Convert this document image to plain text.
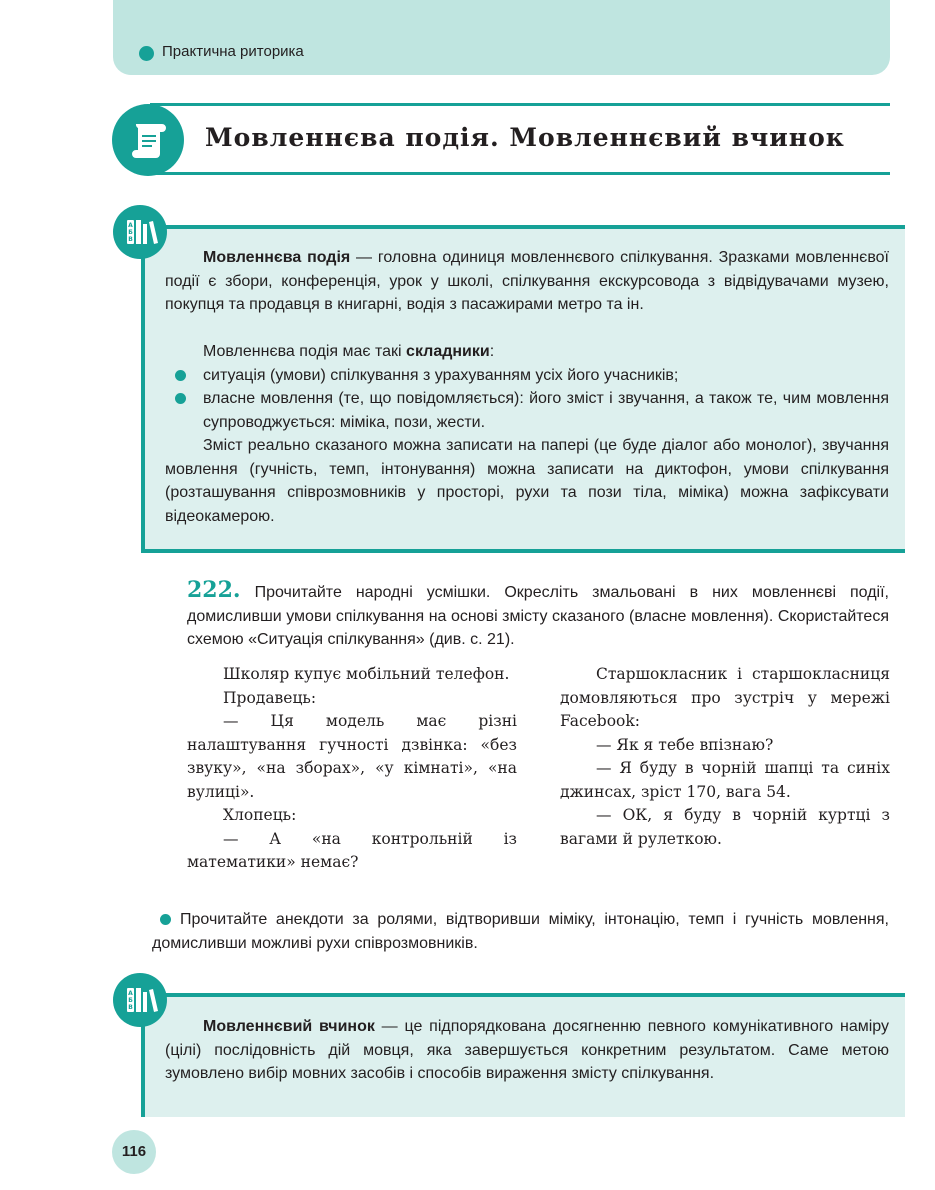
Практична риторика
Мовленнєва подія. Мовленнєвий вчинок
А
Б
В
Мовленнєва подія — головна одиниця мовленнєвого спілкування. Зразками мовленнєвої події є збори, конференція, урок у школі, спілкування екскурсовода з відвідувачами музею, покупця та продавця в книгарні, водія з пасажирами метро та ін.
Мовленнєва подія має такі складники:
ситуація (умови) спілкування з урахуванням усіх його учасників;
власне мовлення (те, що повідомляється): його зміст і звучання, а також те, чим мовлення супроводжується: міміка, пози, жести.
Зміст реально сказаного можна записати на папері (це буде діалог або монолог), звучання мовлення (гучність, темп, інтонування) можна записати на диктофон, умови спілкування (розташування співрозмовників у просторі, рухи та пози тіла, міміка) можна зафіксувати відеокамерою.
222. Прочитайте народні усмішки. Окресліть змальовані в них мовленнєві події, домисливши умови спілкування на основі змісту сказаного (власне мовлення). Скористайтеся схемою «Ситуація спілкування» (див. с. 21).
Школяр купує мобільний телефон.
Продавець:
— Ця модель має різні налаштування гучності дзвінка: «без звуку», «на зборах», «у кімнаті», «на вулиці».
Хлопець:
— А «на контрольній із математики» немає?
Старшокласник і старшокласниця домовляються про зустріч у мережі Facebook:
— Як я тебе впізнаю?
— Я буду в чорній шапці та синіх джинсах, зріст 170, вага 54.
— ОК, я буду в чорній куртці з вагами й рулеткою.
Прочитайте анекдоти за ролями, відтворивши міміку, інтонацію, темп і гучність мовлення, домисливши можливі рухи співрозмовників.
А
Б
В
Мовленнєвий вчинок — це підпорядкована досягненню певного комунікативного наміру (цілі) послідовність дій мовця, яка завершується конкретним результатом. Саме метою зумовлено вибір мовних засобів і способів вираження змісту спілкування.
116
